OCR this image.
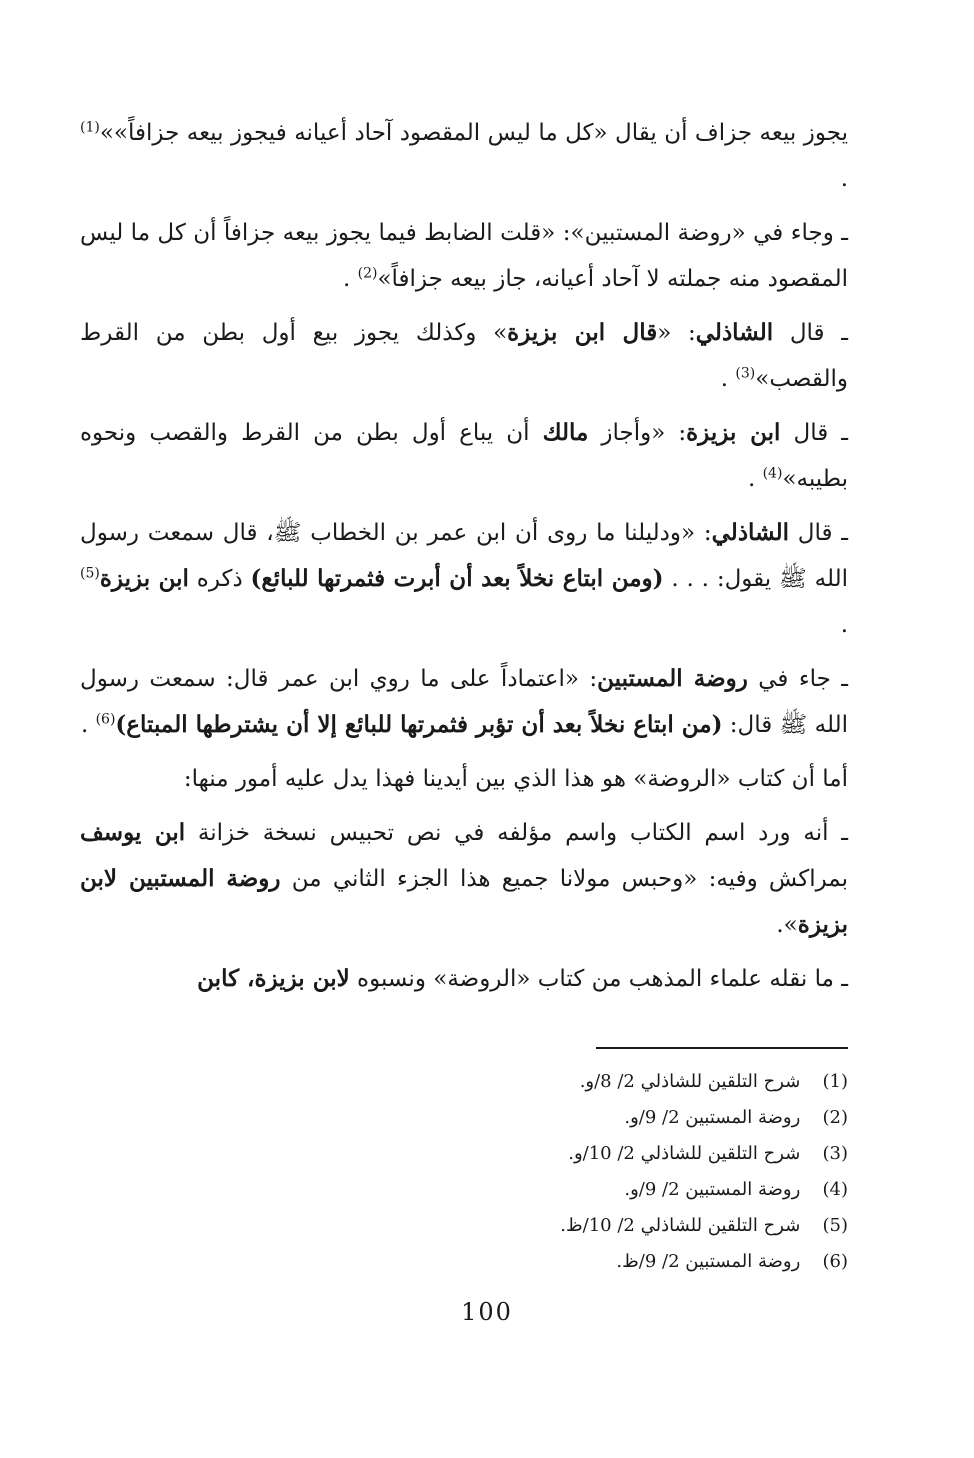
يجوز بيعه جزاف أن يقال «كل ما ليس المقصود آحاد أعيانه فيجوز بيعه جزافاً»»$^{(1)}$ .

ـ وجاء في «روضة المستبين»: «قلت الضابط فيما يجوز بيعه جزافاً أن كل ما ليس المقصود منه جملته لا آحاد أعيانه، جاز بيعه جزافاً»$^{(2)}$ .

ـ قال الشاذلي: «قال ابن بزيزة» وكذلك يجوز بيع أول بطن من القرط والقصب»$^{(3)}$ .

ـ قال ابن بزيزة: «وأجاز مالك أن يباع أول بطن من القرط والقصب ونحوه بطيبه»$^{(4)}$ .

ـ قال الشاذلي: «ودليلنا ما روى أن ابن عمر بن الخطاب ﷺ، قال سمعت رسول الله ﷺ يقول: . . . (ومن ابتاع نخلاً بعد أن أبرت فثمرتها للبائع) ذكره ابن بزيزة$^{(5)}$ .

ـ جاء في روضة المستبين: «اعتماداً على ما روي ابن عمر قال: سمعت رسول الله ﷺ قال: (من ابتاع نخلاً بعد أن تؤبر فثمرتها للبائع إلا أن يشترطها المبتاع)$^{(6)}$ .

أما أن كتاب «الروضة» هو هذا الذي بين أيدينا فهذا يدل عليه أمور منها:

ـ أنه ورد اسم الكتاب واسم مؤلفه في نص تحبيس نسخة خزانة ابن يوسف بمراكش وفيه: «وحبس مولانا جميع هذا الجزء الثاني من روضة المستبين لابن بزيزة».

ـ ما نقله علماء المذهب من كتاب «الروضة» ونسبوه لابن بزيزة، كابن

(1) شرح التلقين للشاذلي 2/ 8/و.
(2) روضة المستبين 2/ 9/و.
(3) شرح التلقين للشاذلي 2/ 10/و.
(4) روضة المستبين 2/ 9/و.
(5) شرح التلقين للشاذلي 2/ 10/ظ.
(6) روضة المستبين 2/ 9/ظ.
100
